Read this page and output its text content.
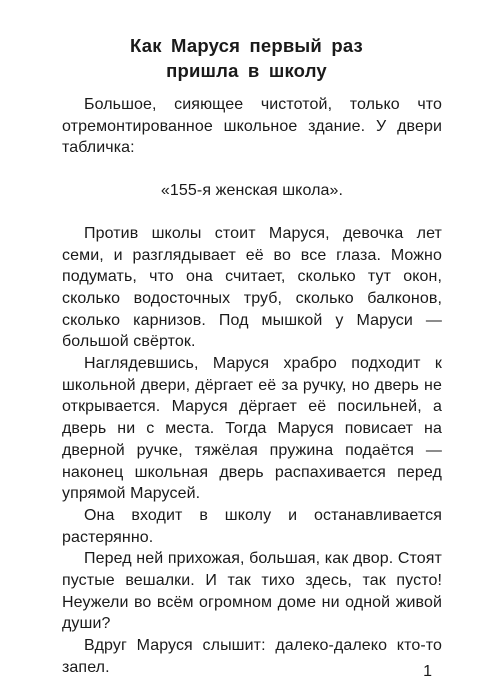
Как Маруся первый раз
пришла в школу

Большое, сияющее чистотой, только что отремонтированное школьное здание. У двери табличка:

«155-я женская школа».

Против школы стоит Маруся, девочка лет семи, и разглядывает её во все глаза. Можно подумать, что она считает, сколько тут окон, сколько водосточных труб, сколько балконов, сколько карнизов. Под мышкой у Маруси — большой свёрток.

Наглядевшись, Маруся храбро подходит к школьной двери, дёргает её за ручку, но дверь не открывается. Маруся дёргает её посильней, а дверь ни с места. Тогда Маруся повисает на дверной ручке, тяжёлая пружина подаётся — наконец школьная дверь распахивается перед упрямой Марусей.

Она входит в школу и останавливается растерянно.

Перед ней прихожая, большая, как двор. Стоят пустые вешалки. И так тихо здесь, так пусто! Неужели во всём огромном доме ни одной живой души?

Вдруг Маруся слышит: далеко-далеко кто-то запел.	1
